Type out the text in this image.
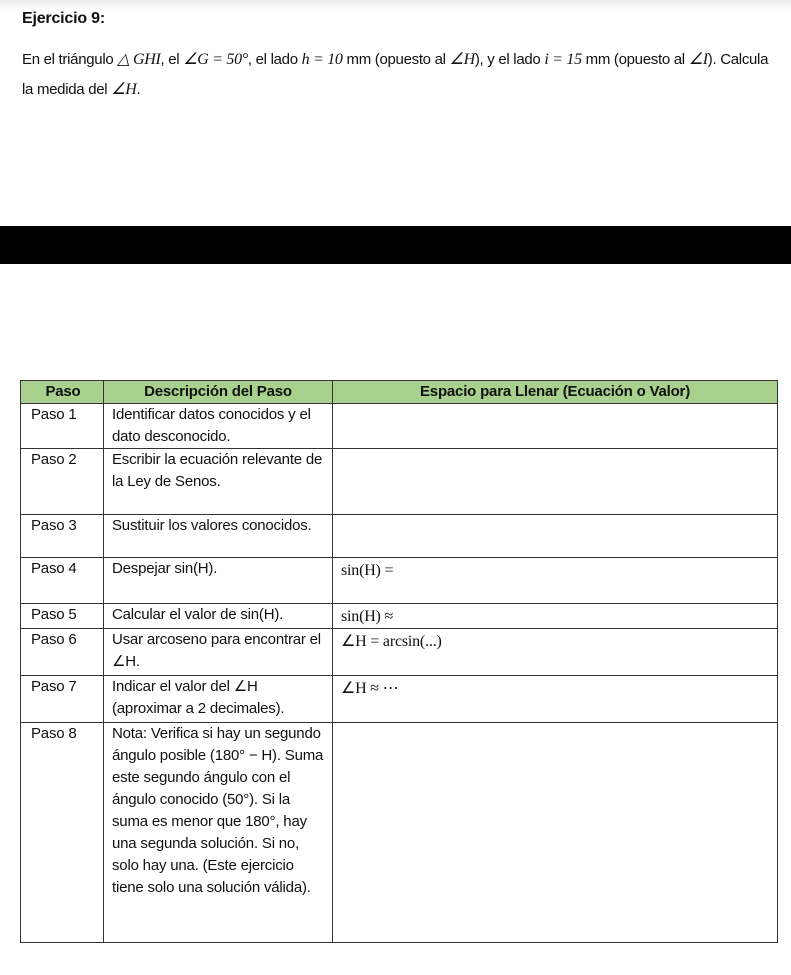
Ejercicio 9:
En el triángulo △ GHI, el ∠G = 50°, el lado h = 10 mm (opuesto al ∠H), y el lado i = 15 mm (opuesto al ∠I). Calcula la medida del ∠H.
Paso	Descripción del Paso	Espacio para Llenar (Ecuación o Valor)
Paso 1	Identificar datos conocidos y el dato desconocido.	
Paso 2	Escribir la ecuación relevante de la Ley de Senos.	
Paso 3	Sustituir los valores conocidos.	
Paso 4	Despejar sin(H).	sin(H) =
Paso 5	Calcular el valor de sin(H).	sin(H) ≈
Paso 6	Usar arcoseno para encontrar el ∠H.	∠H = arcsin(...)
Paso 7	Indicar el valor del ∠H (aproximar a 2 decimales).	∠H ≈ ⋯
Paso 8	Nota: Verifica si hay un segundo ángulo posible (180° − H). Suma este segundo ángulo con el ángulo conocido (50°). Si la suma es menor que 180°, hay una segunda solución. Si no, solo hay una. (Este ejercicio tiene solo una solución válida).	
